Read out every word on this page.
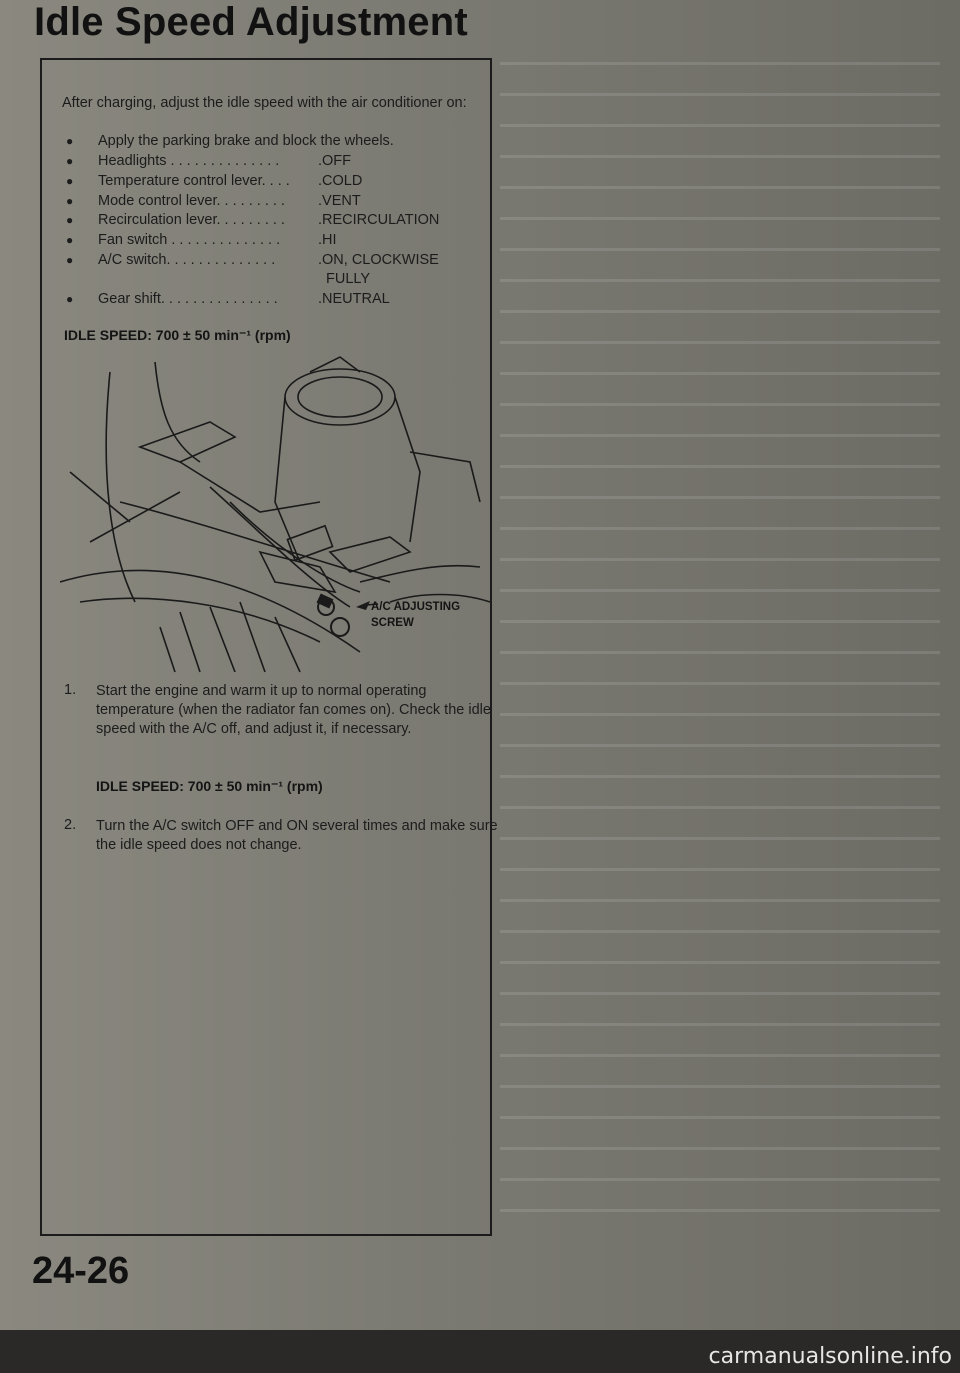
Idle Speed Adjustment
After charging, adjust the idle speed with the air conditioner on:
● Apply the parking brake and block the wheels.
● Headlights . . . . . . . . . . . . . .	.OFF
● Temperature control lever. . . . .COLD
● Mode control lever. . . . . . . . . .VENT
● Recirculation lever. . . . . . . . . .RECIRCULATION
● Fan switch . . . . . . . . . . . . . .	.HI
● A/C switch. . . . . . . . . . . . . .	.ON, CLOCKWISE
FULLY
● Gear shift. . . . . . . . . . . . . . .	.NEUTRAL
IDLE SPEED: 700 ± 50 min⁻¹ (rpm)
A/C ADJUSTING
SCREW
1. Start the engine and warm it up to normal operating temperature (when the radiator fan comes on). Check the idle speed with the A/C off, and adjust it, if necessary.
IDLE SPEED: 700 ± 50 min⁻¹ (rpm)
2. Turn the A/C switch OFF and ON several times and make sure the idle speed does not change.
24-26
carmanualsonline.info
